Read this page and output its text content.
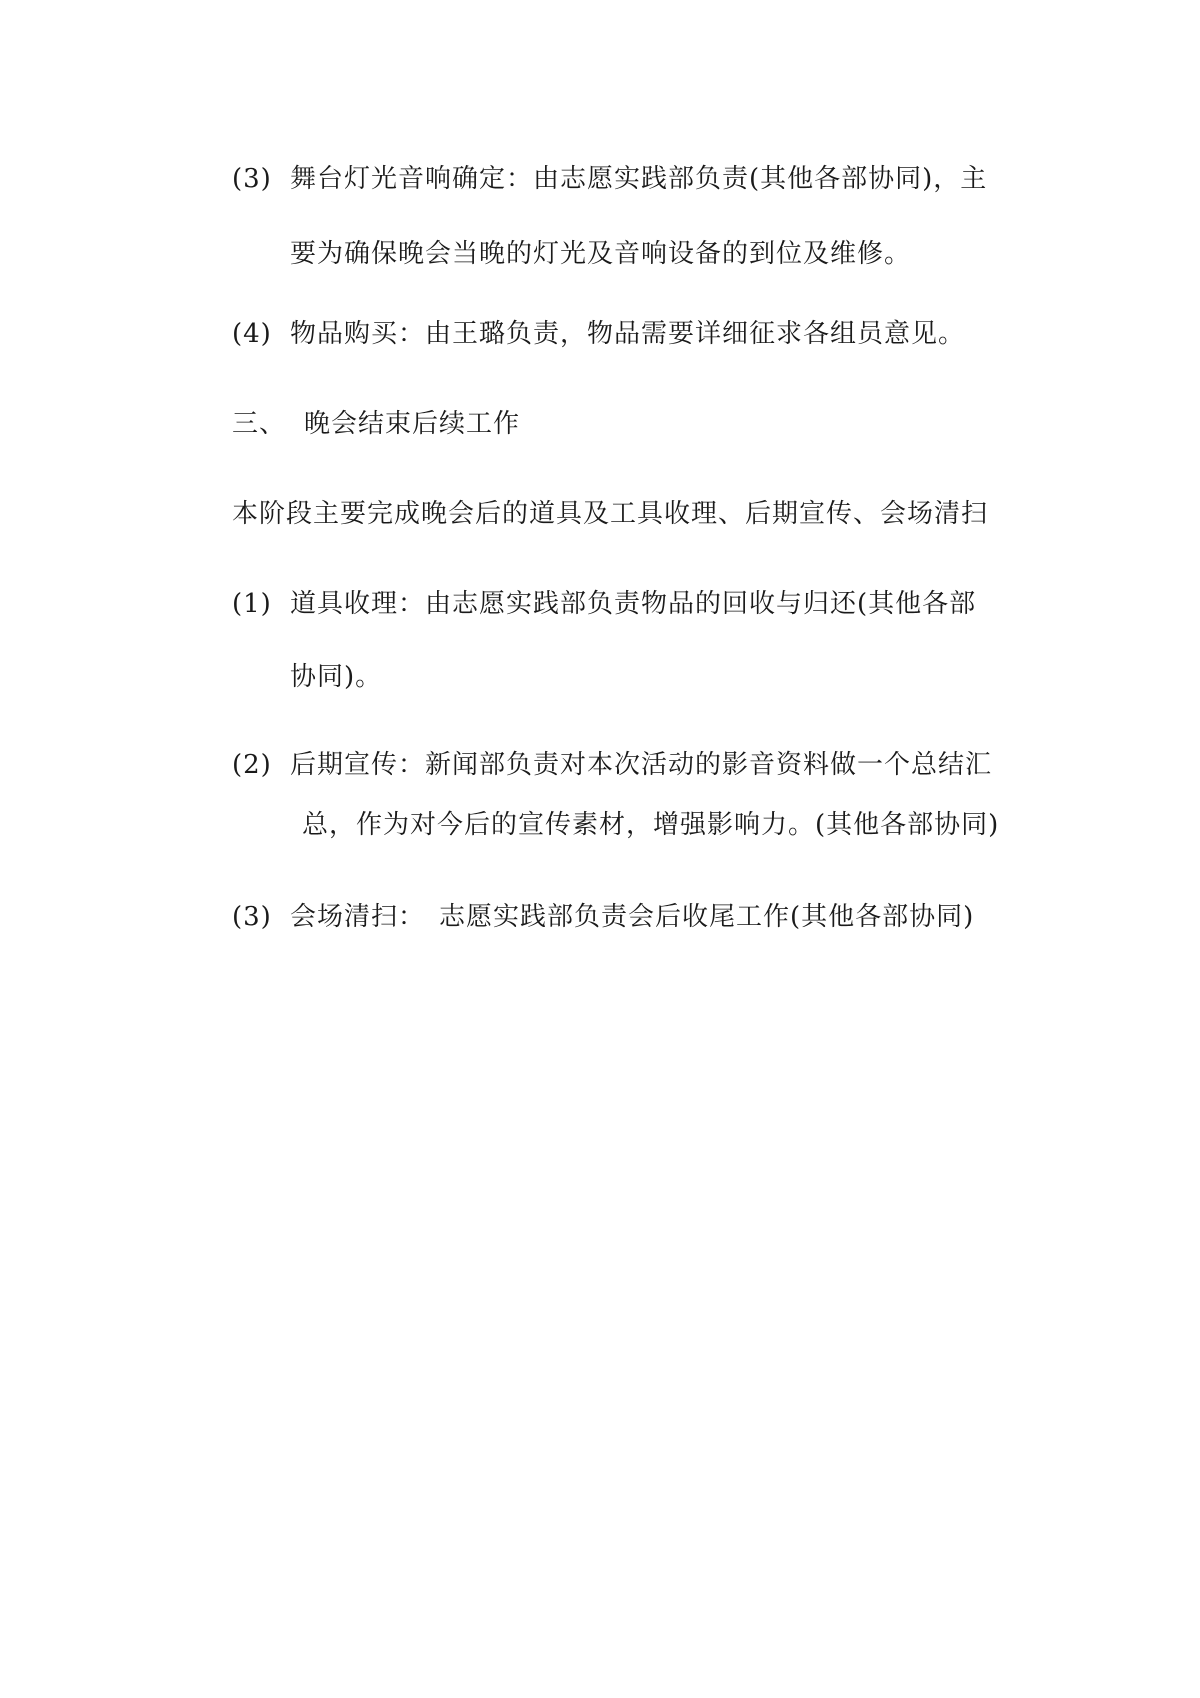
(3) 舞台灯光音响确定：由志愿实践部负责(其他各部协同)，主
要为确保晚会当晚的灯光及音响设备的到位及维修。
(4) 物品购买：由王璐负责，物品需要详细征求各组员意见。
三、 晚会结束后续工作
本阶段主要完成晚会后的道具及工具收理、后期宣传、会场清扫
(1) 道具收理：由志愿实践部负责物品的回收与归还(其他各部
协同)。
(2) 后期宣传：新闻部负责对本次活动的影音资料做一个总结汇
总，作为对今后的宣传素材，增强影响力。(其他各部协同)
(3) 会场清扫：　志愿实践部负责会后收尾工作(其他各部协同)
